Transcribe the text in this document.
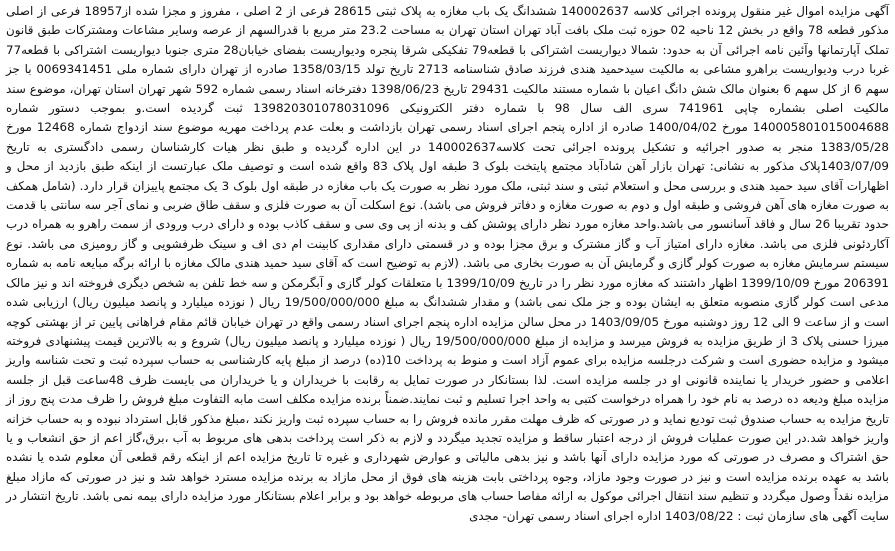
آگهی مزایده اموال غیر منقول پرونده اجرائی کلاسه 140002637 ششدانگ یک باب مغازه به پلاک ثبتی 28615 فرعی از 2 اصلی ، مفروز و مجزا شده از18957 فرعی از اصلی مذکور قطعه 78 واقع در بخش 12 ناحیه 02 حوزه ثبت ملک بافت آباد تهران استان تهران به مساحت 23.2 متر مربع با قدرالسهم از عرصه وسایر مشاعات ومشترکات طبق قانون تملک آپارتمانها وآئین نامه اجرائی آن به حدود: شمالا دیواریست اشتراکی با قطعه79 تفکیکی شرقا پنجره ودیواریست بفضای خیابان28 متری جنوبا دیواریست اشتراکی با قطعه77 غربا درب ودیواریست براهرو مشاعی به مالکیت سیدحمید هندی فرزند صادق شناسنامه 2713 تاریخ تولد 1358/03/15 صادره از تهران دارای شماره ملی 0069341451 با جز سهم 6 از کل سهم 6 بعنوان مالک شش دانگ اعیان با شماره مستند مالکیت 29431 تاریخ 1398/06/23 دفترخانه اسناد رسمی شماره 592 شهر تهران استان تهران، موضوع سند مالکیت اصلی بشماره چاپی 741961 سری الف سال 98 با شماره دفتر الکترونیکی 139820301078031096 ثبت گردیده است.و بموجب دستور شماره 140005801015004688 مورخ 1400/04/02 صادره از اداره پنجم اجرای اسناد رسمی تهران بازداشت و بعلت عدم پرداخت مهریه موضوع سند ازدواج شماره 12468 مورخ 1383/05/28 منجر به صدور اجرائیه و تشکیل پرونده اجرائی تحت کلاسه140002637 در این اداره گردیده و طبق نظر هیات کارشناسان رسمی دادگستری به تاریخ 1403/07/09پلاک مذکور به نشانی: تهران بازار آهن شادآباد مجتمع پایتخت بلوک 3 طبقه اول پلاک 83 واقع شده است و توصیف ملک عبارتست از اینکه طبق بازدید از محل و اظهارات آقای سید حمید هندی و بررسی محل و استعلام ثبتی و سند ثبتی، ملک مورد نظر به صورت یک باب مغازه در طبقه اول بلوک 3 یک مجتمع پاییزان قرار دارد. (شامل همکف به صورت مغازه های آهن فروشی و طبقه اول و دوم به صورت مغازه و دفاتر فروش می باشد). نوع اسکلت آن به صورت فلزی و سقف طاق ضربی و نمای آجر سه سانتی با قدمت حدود تقریبا 26 سال و فاقد آسانسور می باشد.واحد مغازه مورد نظر دارای پوشش کف و بدنه از پی وی سی و سقف کاذب بوده و دارای درب ورودی از سمت راهرو به همراه درب آکاردئونی فلزی می باشد. مغازه دارای امتیاز آب و گاز مشترک و برق مجزا بوده و در قسمتی دارای مقداری کابینت ام دی اف و سینک ظرفشویی و گاز رومیزی می باشد. نوع سیستم سرمایش مغازه به صورت کولر گازی و گرمایش آن به صورت بخاری می باشد. (لازم به توضیح است که آقای سید حمید هندی مالک مغازه با ارائه برگه مبایعه نامه به شماره 206391 مورخ 1399/10/09 اظهار داشتند که مغازه مورد نظر را در تاریخ 1399/10/09 با متعلقات کولر گازی و آبگرمکن و سه خط تلفن به شخص دیگری فروخته اند و نیز مالک مدعی است کولر گازی منصوبه متعلق به ایشان بوده و جز ملک نمی باشد) و مقدار ششدانگ به مبلغ 19/500/000/000 ریال ( نوزده میلیارد و پانصد میلیون ریال) ارزیابی شده است و از ساعت 9 الی 12 روز دوشنبه مورخ 1403/09/05 در محل سالن مزایده اداره پنجم اجرای اسناد رسمی واقع در تهران خیابان قائم مقام فراهانی پایین تر از بهشتی کوچه میرزا حسنی پلاک 3 از طریق مزایده به فروش میرسد و مزایده از مبلغ 19/500/000/000 ریال ( نوزده میلیارد و پانصد میلیون ریال) شروع و به بالاترین قیمت پیشنهادی فروخته میشود و مزایده حضوری است و شرکت درجلسه مزایده برای عموم آزاد است و منوط به پرداخت 10(ده) درصد از مبلغ پایه کارشناسی به حساب سپرده ثبت و تحت شناسه واریز اعلامی و حضور خریدار یا نماینده قانونی او در جلسه مزایده است. لذا بستانکار در صورت تمایل به رقابت با خریداران و یا خریداران می بایست ظرف 48ساعت قبل از جلسه مزایده مبلغ ودیعه ده درصد به نام خود را همراه درخواست کتبی به واحد اجرا تسلیم و ثبت نمایند.ضمناً برنده مزایده مکلف است مابه التفاوت مبلغ فروش را ظرف مدت پنج روز از تاریخ مزایده به حساب صندوق ثبت تودیع نماید و در صورتی که ظرف مهلت مقرر مانده فروش را به حساب سپرده ثبت واریز نکند ،مبلغ مذکور قابل استرداد نبوده و به حساب خزانه واریز خواهد شد.در این صورت عملیات فروش از درجه اعتبار ساقط و مزایده تجدید میگردد و لازم به ذکر است پرداخت بدهی های مربوط به آب ،برق،گاز اعم از حق انشعاب و یا حق اشتراک و مصرف در صورتی که مورد مزایده دارای آنها باشد و نیز بدهی مالیاتی و عوارض شهرداری و غیره تا تاریخ مزایده اعم از اینکه رقم قطعی آن معلوم شده یا نشده باشد به عهده برنده مزایده است و نیز در صورت وجود مازاد، وجوه پرداختی بابت هزینه های فوق از محل مازاد به برنده مزایده مسترد خواهد شد و نیز در صورتی که مازاد مبلغ مزایده نقداً وصول میگردد و تنظیم سند انتقال اجرائی موکول به ارائه مفاصا حساب های مربوطه خواهد بود و برابر اعلام بستانکار مورد مزایده دارای بیمه نمی باشد. تاریخ انتشار در سایت آگهی های سازمان ثبت : 1403/08/22 اداره اجرای اسناد رسمی تهران- مجدی
